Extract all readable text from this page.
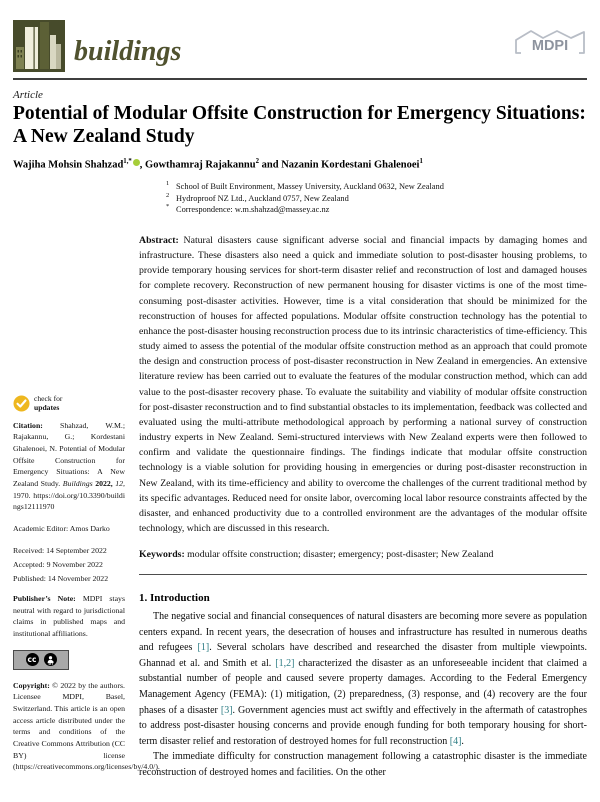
buildings	MDPI
Article
Potential of Modular Offsite Construction for Emergency Situations: A New Zealand Study
Wajiha Mohsin Shahzad$^{1,*}$ , Gowthamraj Rajakannu$^2$ and Nazanin Kordestani Ghalenoei$^1$
check for
updates

Citation: Shahzad, W.M.; Rajakannu, G.; Kordestani Ghalenoei, N. Potential of Modular Offsite Construction for Emergency Situations: A New Zealand Study. Buildings 2022, 12, 1970. https://doi.org/10.3390/buildings12111970

Academic Editor: Amos Darko

Received: 14 September 2022

Accepted: 9 November 2022

Published: 14 November 2022

Publisher’s Note: MDPI stays neutral with regard to jurisdictional claims in published maps and institutional affiliations.

cc
BY

Copyright: © 2022 by the authors. Licensee MDPI, Basel, Switzerland. This article is an open access article distributed under the terms and conditions of the Creative Commons Attribution (CC BY) license (https://creativecommons.org/licenses/by/4.0/).

1 School of Built Environment, Massey University, Auckland 0632, New Zealand
2 Hydroproof NZ Ltd., Auckland 0757, New Zealand
* Correspondence: w.m.shahzad@massey.ac.nz

Abstract: Natural disasters cause significant adverse social and financial impacts by damaging homes and infrastructure. These disasters also need a quick and immediate solution to post-disaster housing problems, to provide temporary housing services for short-term disaster relief and reconstruction of lost and damaged houses for complete recovery. Reconstruction of new permanent housing for disaster victims is one of the most time-consuming post-disaster activities. However, time is a vital consideration that should be minimized for the reconstruction of houses for affected populations. Modular offsite construction technology has the potential to enhance the post-disaster housing reconstruction process due to its intrinsic characteristics of time-efficiency. This study aimed to assess the potential of the modular offsite construction method as an approach that could promote the design and construction process of post-disaster reconstruction in New Zealand in emergencies. An extensive literature review has been carried out to evaluate the features of the modular construction method, which can add value to the post-disaster recovery phase. To evaluate the suitability and viability of modular offsite construction for post-disaster reconstruction and to find substantial obstacles to its implementation, feedback was collected and evaluated using the multi-attribute methodological approach by performing a national survey of construction industry experts in New Zealand. Semi-structured interviews with New Zealand experts were then followed to confirm and validate the questionnaire findings. The findings indicate that modular offsite construction technology is a viable solution for providing housing in emergencies or during post-disaster reconstruction in New Zealand, with its time-efficiency and ability to overcome the challenges of the current traditional method by its specific advantages. Reduced need for onsite labor, overcoming local labor resource constraints affected by the disaster, and enhanced productivity due to a controlled environment are the advantages of the modular offsite technology, which are discussed in this research.

Keywords: modular offsite construction; disaster; emergency; post-disaster; New Zealand

1. Introduction

The negative social and financial consequences of natural disasters are becoming more severe as population centers expand. In recent years, the desecration of houses and infrastructure has resulted in numerous deaths and refugees [1]. Several scholars have described and researched the disaster from multiple viewpoints. Ghannad et al. and Smith et al. [1,2] characterized the disaster as an unforeseeable incident that claimed a substantial number of people and caused severe property damages. According to the Federal Emergency Management Agency (FEMA): (1) mitigation, (2) preparedness, (3) response, and (4) recovery are the four phases of a disaster [3]. Government agencies must act swiftly and effectively in the aftermath of catastrophes to address post-disaster housing concerns and provide enough funding for both temporary housing for short-term disaster relief and restoration of destroyed homes for full reconstruction [4].

The immediate difficulty for construction management following a catastrophic disaster is the immediate reconstruction of destroyed homes and facilities. On the other
